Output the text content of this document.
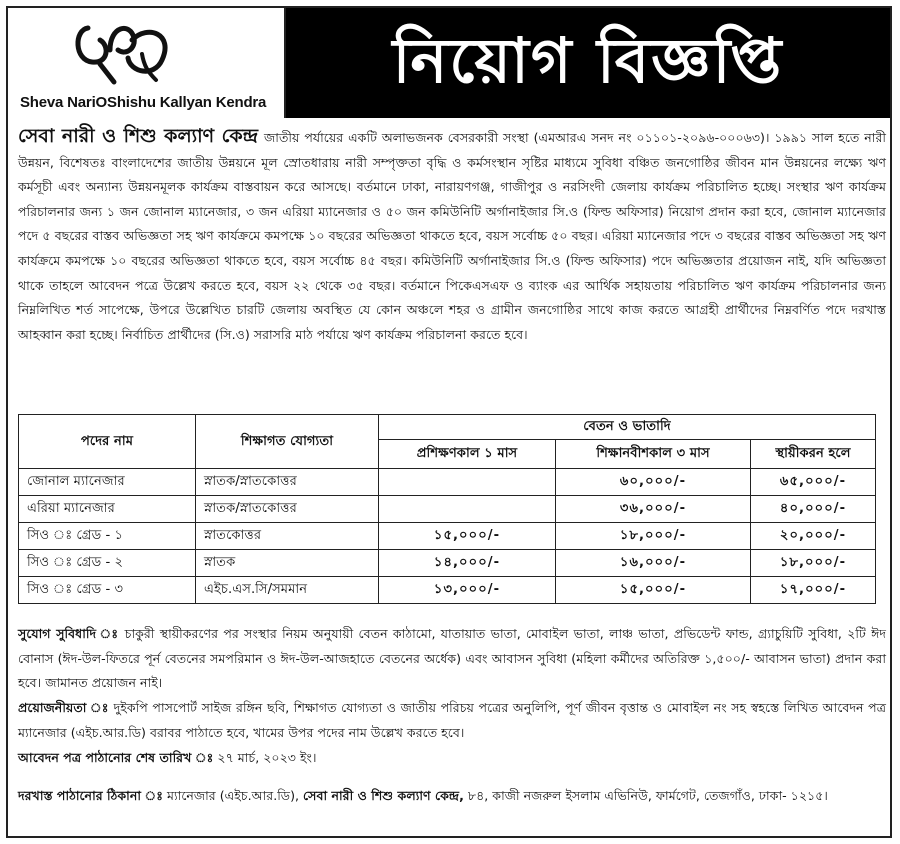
Sheva NariOShishu Kallyan Kendra
নিয়োগ বিজ্ঞপ্তি
সেবা নারী ও শিশু কল্যাণ কেন্দ্র জাতীয় পর্যায়ের একটি অলাভজনক বেসরকারী সংস্থা (এমআরএ সনদ নং ০১১০১-২০৯৬-০০০৬৩)। ১৯৯১ সাল হতে নারী উন্নয়ন, বিশেষতঃ বাংলাদেশের জাতীয় উন্নয়নে মূল স্রোতধারায় নারী সম্পৃক্ততা বৃদ্ধি ও কর্মসংস্থান সৃষ্টির মাধ্যমে সুবিধা বঞ্চিত জনগোষ্ঠির জীবন মান উন্নয়নের লক্ষ্যে ঋণ কর্মসূচী এবং অন্যান্য উন্নয়নমূলক কার্যক্রম বাস্তবায়ন করে আসছে। বর্তমানে ঢাকা, নারায়ণগঞ্জ, গাজীপুর ও নরসিংদী জেলায় কার্যক্রম পরিচালিত হচ্ছে। সংস্থার ঋণ কার্যক্রম পরিচালনার জন্য ১ জন জোনাল ম্যানেজার, ৩ জন এরিয়া ম্যানেজার ও ৫০ জন কমিউনিটি অর্গানাইজার সি.ও (ফিল্ড অফিসার) নিয়োগ প্রদান করা হবে, জোনাল ম্যানেজার পদে ৫ বছরের বাস্তব অভিজ্ঞতা সহ ঋণ কার্যক্রমে কমপক্ষে ১০ বছরের অভিজ্ঞতা থাকতে হবে, বয়স সর্বোচ্চ ৫০ বছর। এরিয়া ম্যানেজার পদে ৩ বছরের বাস্তব অভিজ্ঞতা সহ ঋণ কার্যক্রমে কমপক্ষে ১০ বছরের অভিজ্ঞতা থাকতে হবে, বয়স সর্বোচ্চ ৪৫ বছর। কমিউনিটি অর্গানাইজার সি.ও (ফিল্ড অফিসার) পদে অভিজ্ঞতার প্রয়োজন নাই, যদি অভিজ্ঞতা থাকে তাহলে আবেদন পত্রে উল্লেখ করতে হবে, বয়স ২২ থেকে ৩৫ বছর। বর্তমানে পিকেএসএফ ও ব্যাংক এর আর্থিক সহায়তায় পরিচালিত ঋণ কার্যক্রম পরিচালনার জন্য নিম্নলিখিত শর্ত সাপেক্ষে, উপরে উল্লেখিত চারটি জেলায় অবস্থিত যে কোন অঞ্চলে শহর ও গ্রামীন জনগোষ্ঠির সাথে কাজ করতে আগ্রহী প্রার্থীদের নিম্নবর্ণিত পদে দরখাস্ত আহব্বান করা হচ্ছে। নির্বাচিত প্রার্থীদের (সি.ও) সরাসরি মাঠ পর্যায়ে ঋণ কার্যক্রম পরিচালনা করতে হবে।
পদের নাম	শিক্ষাগত যোগ্যতা	বেতন ও ভাতাদি		
		প্রশিক্ষণকাল ১ মাস	শিক্ষানবীশকাল ৩ মাস	স্থায়ীকরন হলে
জোনাল ম্যানেজার	স্নাতক/স্নাতকোত্তর		৬০,০০০/-	৬৫,০০০/-
এরিয়া ম্যানেজার	স্নাতক/স্নাতকোত্তর		৩৬,০০০/-	৪০,০০০/-
সিও ঃ গ্রেড - ১	স্নাতকোত্তর	১৫,০০০/-	১৮,০০০/-	২০,০০০/-
সিও ঃ গ্রেড - ২	স্নাতক	১৪,০০০/-	১৬,০০০/-	১৮,০০০/-
সিও ঃ গ্রেড - ৩	এইচ.এস.সি/সমমান	১৩,০০০/-	১৫,০০০/-	১৭,০০০/-
সুযোগ সুবিধাদি ঃ চাকুরী স্থায়ীকরণের পর সংস্থার নিয়ম অনুযায়ী বেতন কাঠামো, যাতায়াত ভাতা, মোবাইল ভাতা, লাঞ্চ ভাতা, প্রভিডেন্ট ফান্ড, গ্র্যাচুয়িটি সুবিধা, ২টি ঈদ বোনাস (ঈদ-উল-ফিতরে পূর্ন বেতনের সমপরিমান ও ঈদ-উল-আজহাতে বেতনের অর্ধেক) এবং আবাসন সুবিধা (মহিলা কর্মীদের অতিরিক্ত ১,৫০০/- আবাসন ভাতা) প্রদান করা হবে। জামানত প্রয়োজন নাই।
প্রয়োজনীয়তা ঃ দুইকপি পাসপোর্ট সাইজ রঙ্গিন ছবি, শিক্ষাগত যোগ্যতা ও জাতীয় পরিচয় পত্রের অনুলিপি, পূর্ণ জীবন বৃত্তান্ত ও মোবাইল নং সহ স্বহস্তে লিখিত আবেদন পত্র ম্যানেজার (এইচ.আর.ডি) বরাবর পাঠাতে হবে, খামের উপর পদের নাম উল্লেখ করতে হবে।
আবেদন পত্র পাঠানোর শেষ তারিখ ঃ ২৭ মার্চ, ২০২৩ ইং।
দরখাস্ত পাঠানোর ঠিকানা ঃ ম্যানেজার (এইচ.আর.ডি), সেবা নারী ও শিশু কল্যাণ কেন্দ্র, ৮৪, কাজী নজরুল ইসলাম এভিনিউ, ফার্মগেট, তেজগাঁও, ঢাকা- ১২১৫।
